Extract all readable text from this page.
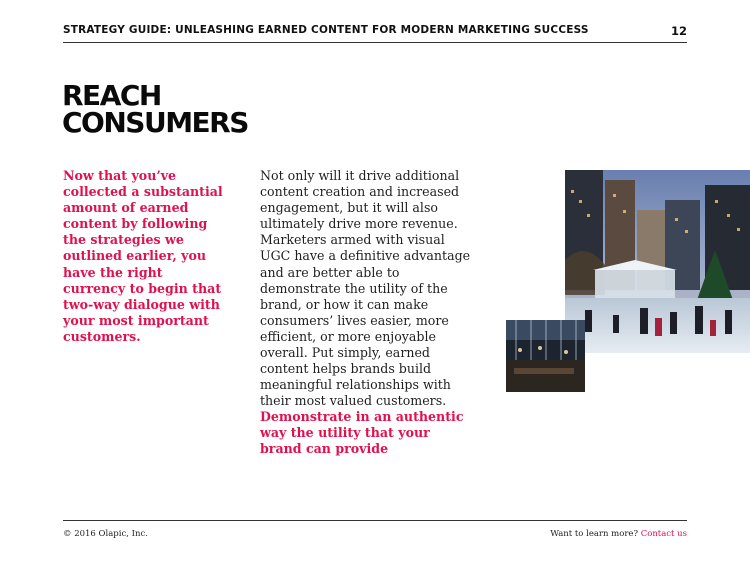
STRATEGY GUIDE: UNLEASHING EARNED CONTENT FOR MODERN MARKETING SUCCESS	12
REACH
CONSUMERS
Now that you’ve collected a substantial amount of earned content by following the strategies we outlined earlier, you have the right currency to begin that two-way dialogue with your most important customers.
Not only will it drive additional content creation and increased engagement, but it will also ultimately drive more revenue. Marketers armed with visual UGC have a definitive advantage and are better able to demonstrate the utility of the brand, or how it can make consumers’ lives easier, more efficient, or more enjoyable overall. Put simply, earned content helps brands build meaningful relationships with their most valued customers.
Demonstrate in an authentic way the utility that your brand can provide
© 2016 Olapic, Inc.	Want to learn more? Contact us
